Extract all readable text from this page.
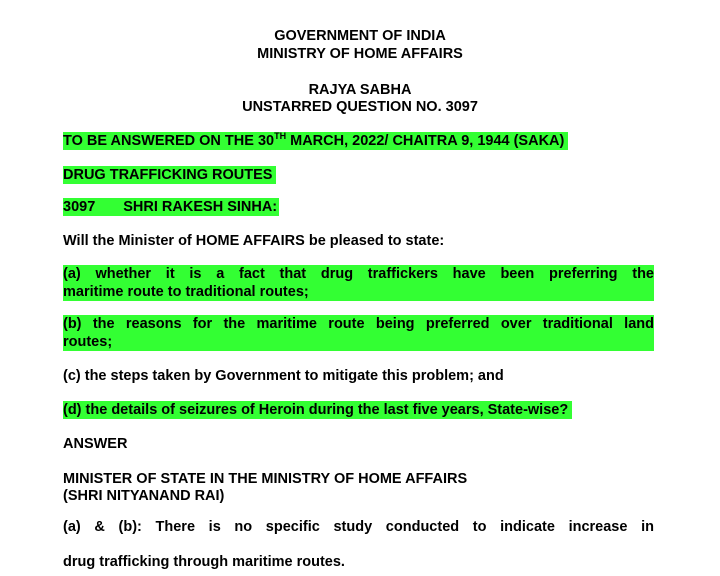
GOVERNMENT OF INDIA
MINISTRY OF HOME AFFAIRS
RAJYA SABHA
UNSTARRED QUESTION NO. 3097
TO BE ANSWERED ON THE 30TH MARCH, 2022/ CHAITRA 9, 1944 (SAKA)
DRUG TRAFFICKING ROUTES
3097 SHRI RAKESH SINHA:
Will the Minister of HOME AFFAIRS be pleased to state:
(a) whether it is a fact that drug traffickers have been preferring the
maritime route to traditional routes;
(b) the reasons for the maritime route being preferred over traditional land
routes;
(c) the steps taken by Government to mitigate this problem; and
(d) the details of seizures of Heroin during the last five years, State-wise?
ANSWER
MINISTER OF STATE IN THE MINISTRY OF HOME AFFAIRS
(SHRI NITYANAND RAI)
(a) & (b): There is no specific study conducted to indicate increase in
drug trafficking through maritime routes.
